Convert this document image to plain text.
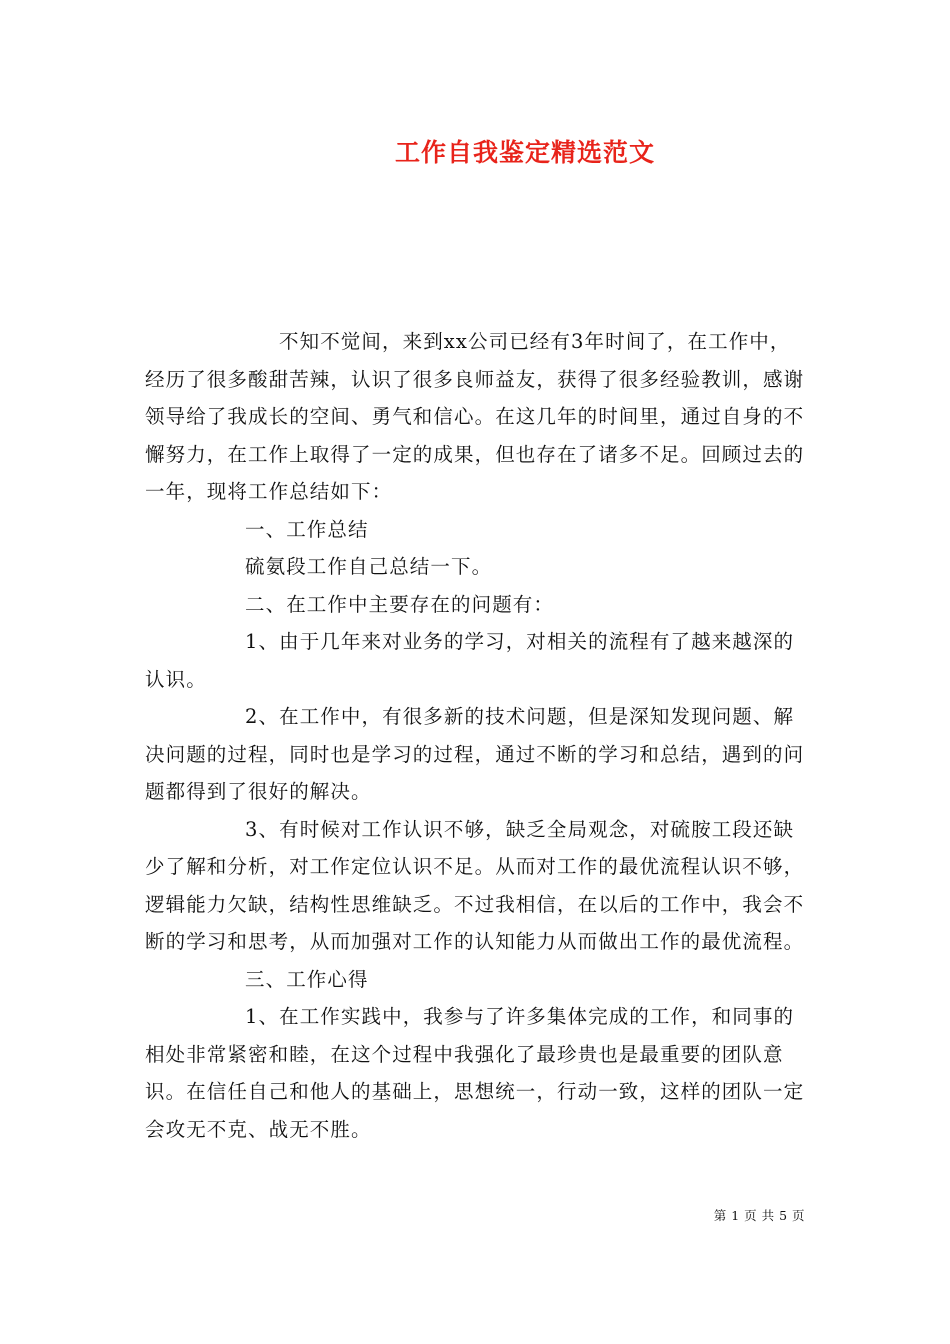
工作自我鉴定精选范文

不知不觉间，来到xx公司已经有3年时间了，在工作中，经历了很多酸甜苦辣，认识了很多良师益友，获得了很多经验教训，感谢领导给了我成长的空间、勇气和信心。在这几年的时间里，通过自身的不懈努力，在工作上取得了一定的成果，但也存在了诸多不足。回顾过去的一年，现将工作总结如下：

一、工作总结

硫氨段工作自己总结一下。

二、在工作中主要存在的问题有：

1、由于几年来对业务的学习，对相关的流程有了越来越深的认识。

2、在工作中，有很多新的技术问题，但是深知发现问题、解决问题的过程，同时也是学习的过程，通过不断的学习和总结，遇到的问题都得到了很好的解决。

3、有时候对工作认识不够，缺乏全局观念，对硫胺工段还缺少了解和分析，对工作定位认识不足。从而对工作的最优流程认识不够，逻辑能力欠缺，结构性思维缺乏。不过我相信，在以后的工作中，我会不断的学习和思考，从而加强对工作的认知能力从而做出工作的最优流程。

三、工作心得

1、在工作实践中，我参与了许多集体完成的工作，和同事的相处非常紧密和睦，在这个过程中我强化了最珍贵也是最重要的团队意识。在信任自己和他人的基础上，思想统一，行动一致，这样的团队一定会攻无不克、战无不胜。

第 1 页 共 5 页
